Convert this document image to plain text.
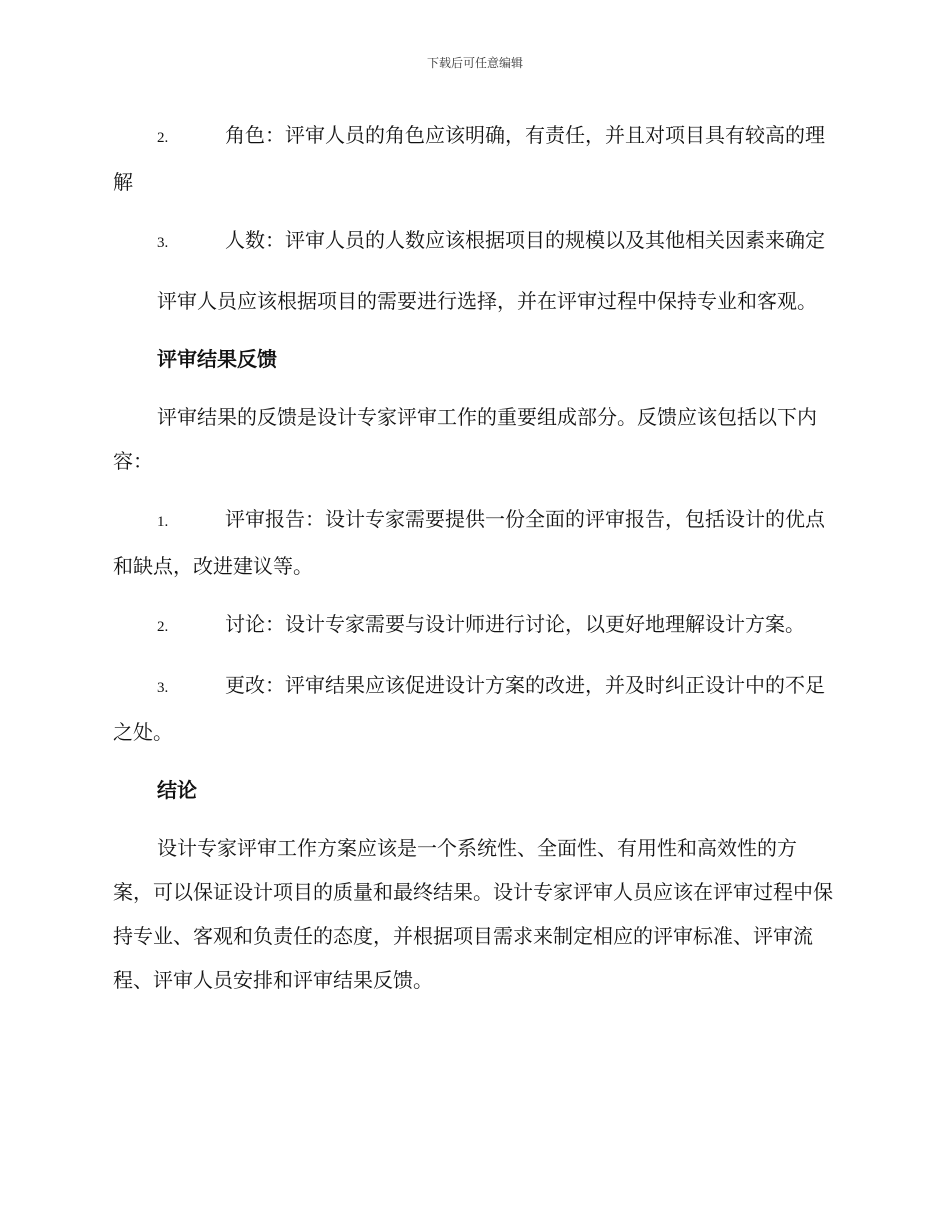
下载后可任意编辑
2.	角色：评审人员的角色应该明确，有责任，并且对项目具有较高的理解
3.	人数：评审人员的人数应该根据项目的规模以及其他相关因素来确定

评审人员应该根据项目的需要进行选择，并在评审过程中保持专业和客观。

评审结果反馈

评审结果的反馈是设计专家评审工作的重要组成部分。反馈应该包括以下内容：

1.	评审报告：设计专家需要提供一份全面的评审报告，包括设计的优点和缺点，改进建议等。
2.	讨论：设计专家需要与设计师进行讨论，以更好地理解设计方案。
3.	更改：评审结果应该促进设计方案的改进，并及时纠正设计中的不足之处。
结论

设计专家评审工作方案应该是一个系统性、全面性、有用性和高效性的方案，可以保证设计项目的质量和最终结果。设计专家评审人员应该在评审过程中保持专业、客观和负责任的态度，并根据项目需求来制定相应的评审标准、评审流程、评审人员安排和评审结果反馈。
